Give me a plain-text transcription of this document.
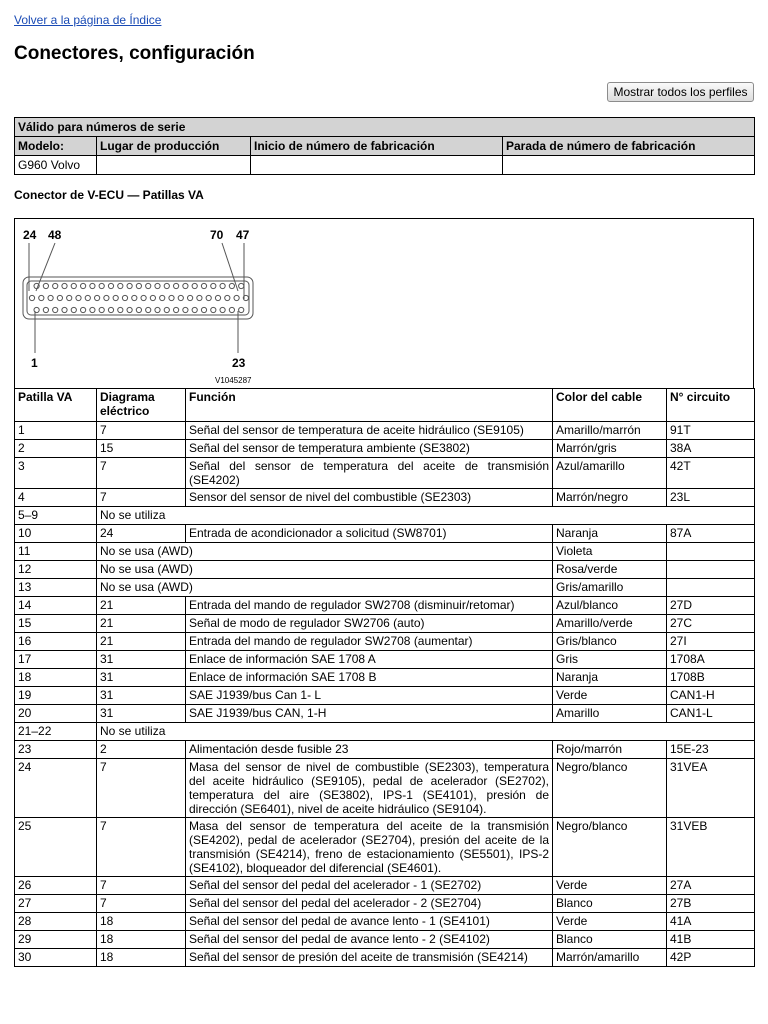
Volver a la página de Índice
Conectores, configuración
Mostrar todos los perfiles
Válido para números de serie			
Modelo:	Lugar de producción	Inicio de número de fabricación	Parada de número de fabricación
G960 Volvo			
Conector de V-ECU — Patillas VA
24 48	70 47
1	23
V1045287
Patilla VA	Diagrama eléctrico	Función	Color del cable	N° circuito
1	7	Señal del sensor de temperatura de aceite hidráulico (SE9105)	Amarillo/marrón	91T
2	15	Señal del sensor de temperatura ambiente (SE3802)	Marrón/gris	38A
3	7	Señal del sensor de temperatura del aceite de transmisión (SE4202)	Azul/amarillo	42T
4	7	Sensor del sensor de nivel del combustible (SE2303)	Marrón/negro	23L
5–9	No se utiliza			
10	24	Entrada de acondicionador a solicitud (SW8701)	Naranja	87A
11	No se usa (AWD)		Violeta	
12	No se usa (AWD)		Rosa/verde	
13	No se usa (AWD)		Gris/amarillo	
14	21	Entrada del mando de regulador SW2708 (disminuir/retomar)	Azul/blanco	27D
15	21	Señal de modo de regulador SW2706 (auto)	Amarillo/verde	27C
16	21	Entrada del mando de regulador SW2708 (aumentar)	Gris/blanco	27I
17	31	Enlace de información SAE 1708 A	Gris	1708A
18	31	Enlace de información SAE 1708 B	Naranja	1708B
19	31	SAE J1939/bus Can 1- L	Verde	CAN1-H
20	31	SAE J1939/bus CAN, 1-H	Amarillo	CAN1-L
21–22	No se utiliza			
23	2	Alimentación desde fusible 23	Rojo/marrón	15E-23
24	7	Masa del sensor de nivel de combustible (SE2303), temperatura del aceite hidráulico (SE9105), pedal de acelerador (SE2702), temperatura del aire (SE3802), IPS-1 (SE4101), presión de dirección (SE6401), nivel de aceite hidráulico (SE9104).	Negro/blanco	31VEA
25	7	Masa del sensor de temperatura del aceite de la transmisión (SE4202), pedal de acelerador (SE2704), presión del aceite de la transmisión (SE4214), freno de estacionamiento (SE5501), IPS-2 (SE4102), bloqueador del diferencial (SE4601).	Negro/blanco	31VEB
26	7	Señal del sensor del pedal del acelerador - 1 (SE2702)	Verde	27A
27	7	Señal del sensor del pedal del acelerador - 2 (SE2704)	Blanco	27B
28	18	Señal del sensor del pedal de avance lento - 1 (SE4101)	Verde	41A
29	18	Señal del sensor del pedal de avance lento - 2 (SE4102)	Blanco	41B
30	18	Señal del sensor de presión del aceite de transmisión (SE4214)	Marrón/amarillo	42P
